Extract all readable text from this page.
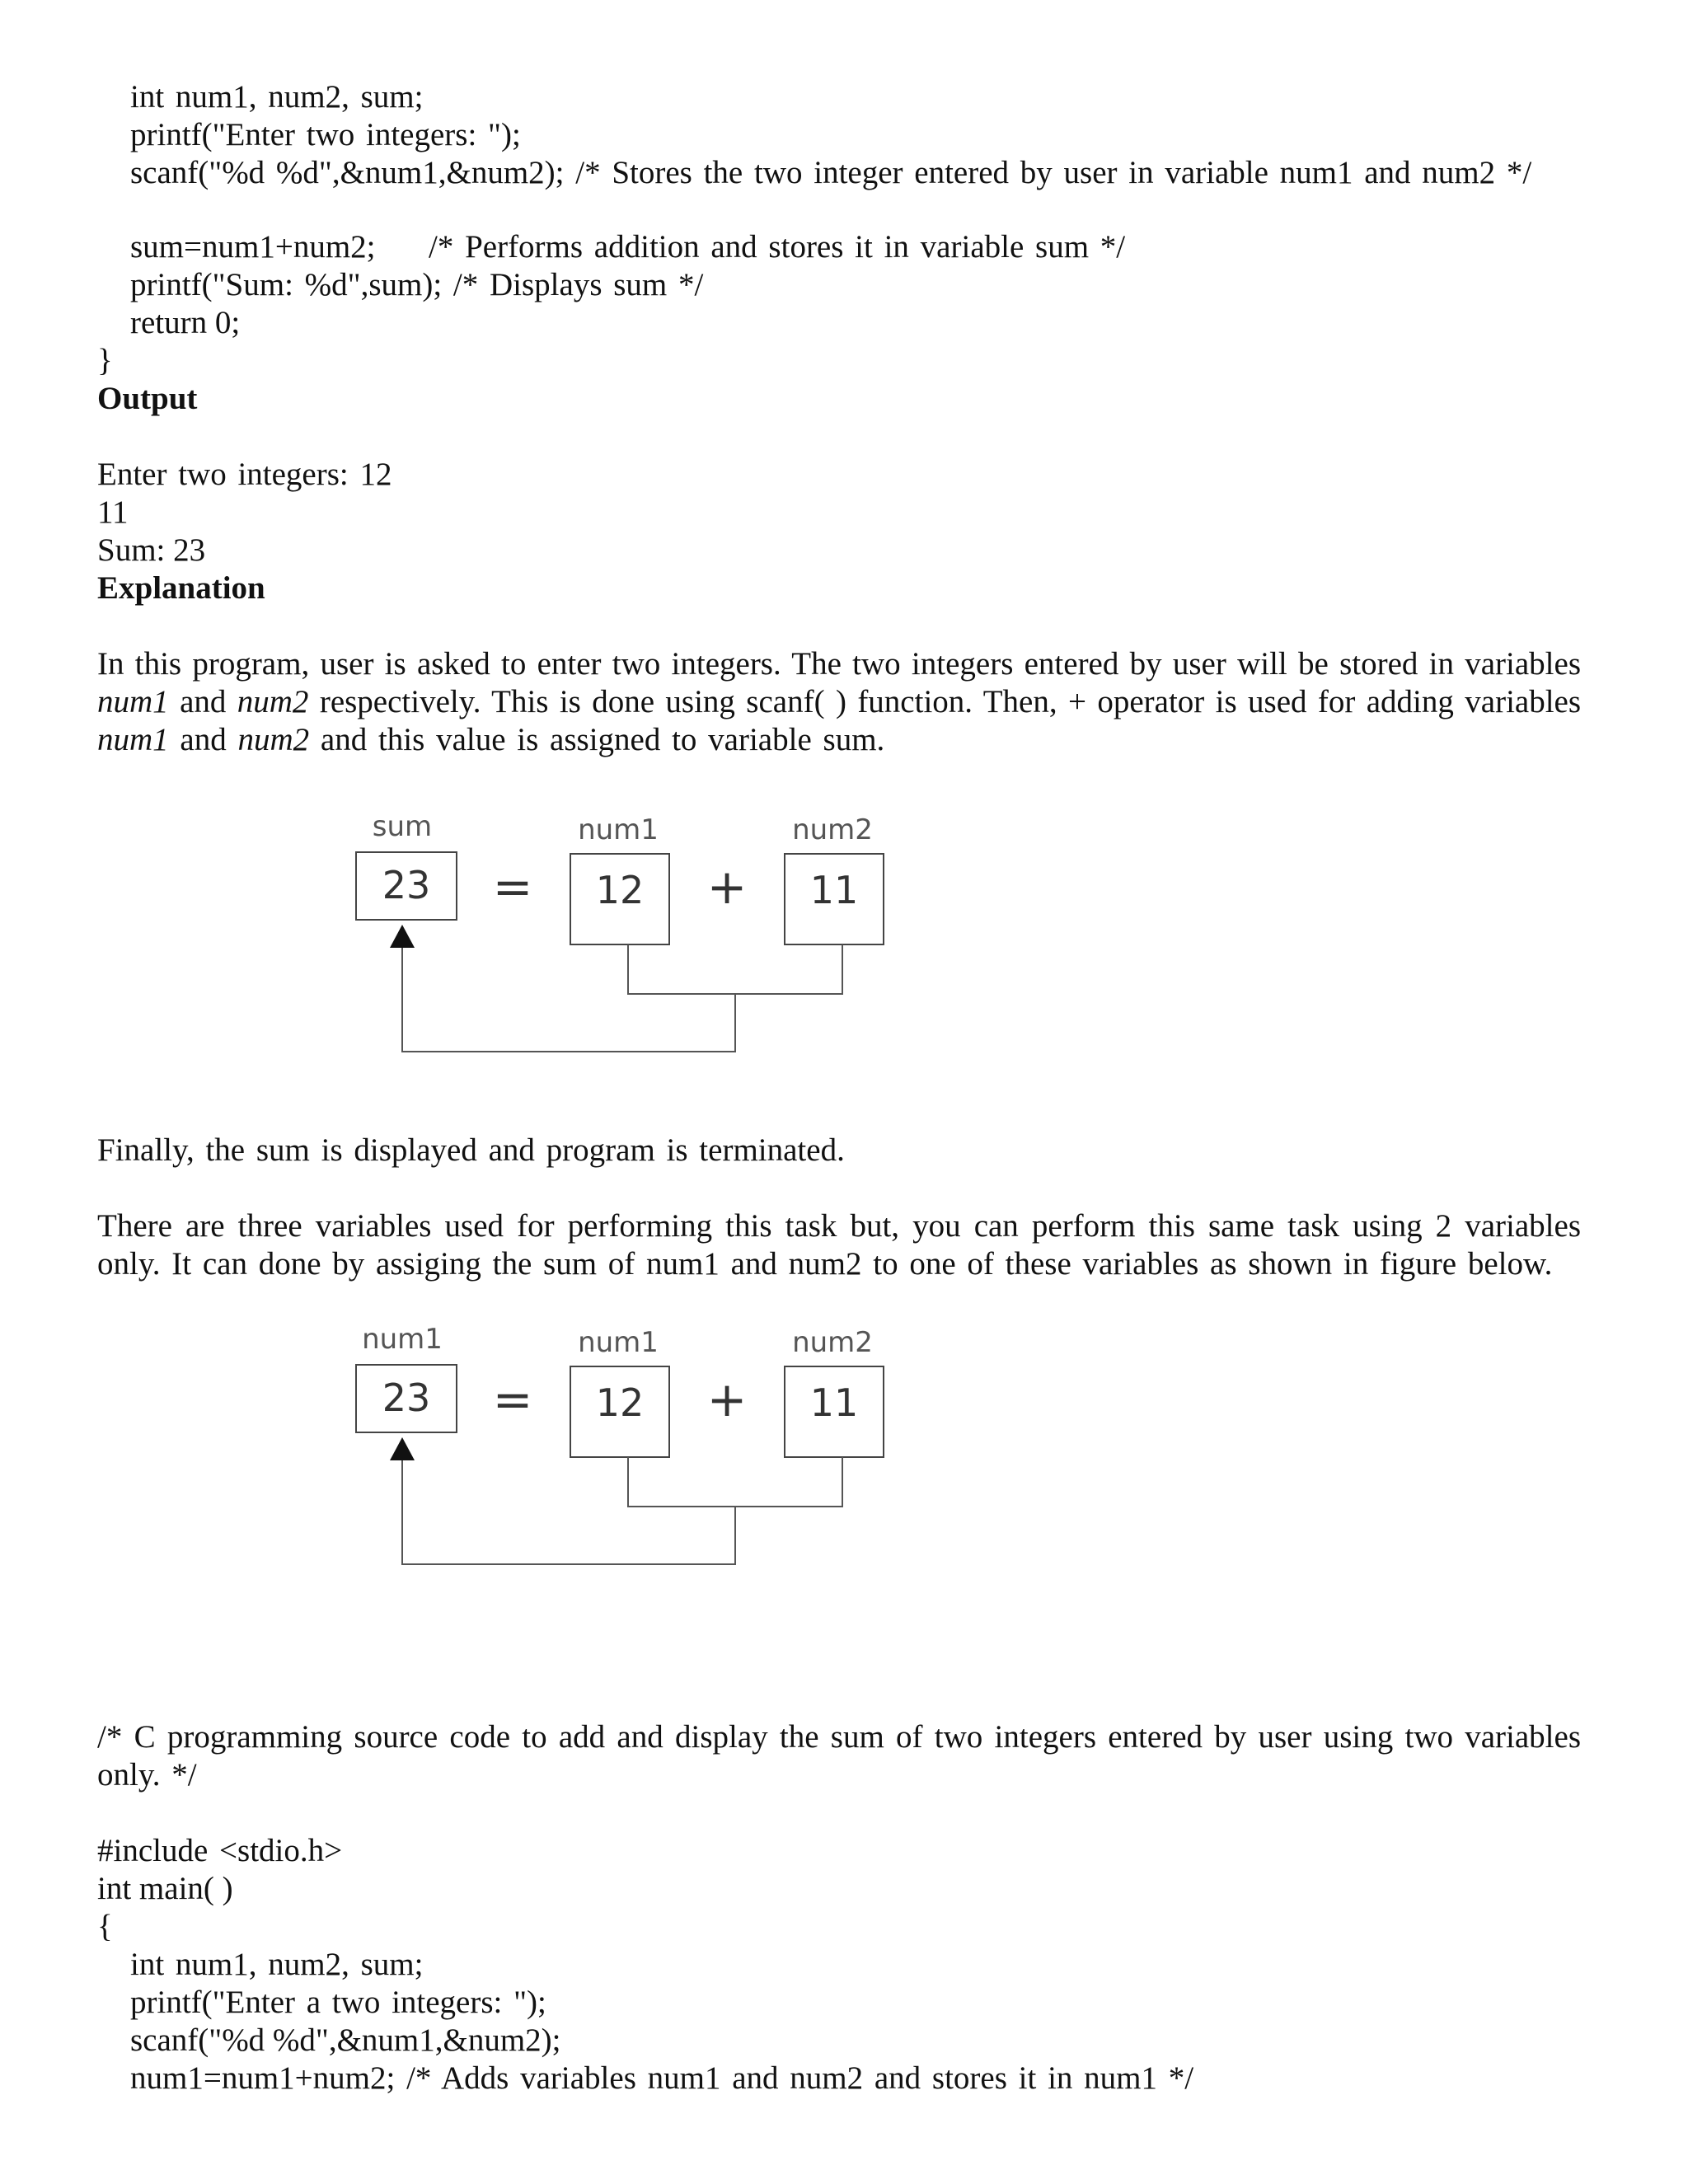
int num1, num2, sum;
printf("Enter two integers: ");
scanf("%d %d",&num1,&num2); /* Stores the two integer entered by user in variable num1 and num2 */
sum=num1+num2; /* Performs addition and stores it in variable sum */
printf("Sum: %d",sum); /* Displays sum */
return 0;
}
Output
Enter two integers: 12
11
Sum: 23
Explanation
In this program, user is asked to enter two integers. The two integers entered by user will be stored in variables
num1 and num2 respectively. This is done using scanf( ) function. Then, + operator is used for adding variables
num1 and num2 and this value is assigned to variable sum.
sum	num1	num2
23	12	11
=	+
Finally, the sum is displayed and program is terminated.
There are three variables used for performing this task but, you can perform this same task using 2 variables
only. It can done by assiging the sum of num1 and num2 to one of these variables as shown in figure below.
num1	num1	num2
23	12	11
=	+
/* C programming source code to add and display the sum of two integers entered by user using two variables
only. */
#include <stdio.h>
int main( )
{
int num1, num2, sum;
printf("Enter a two integers: ");
scanf("%d %d",&num1,&num2);
num1=num1+num2; /* Adds variables num1 and num2 and stores it in num1 */
